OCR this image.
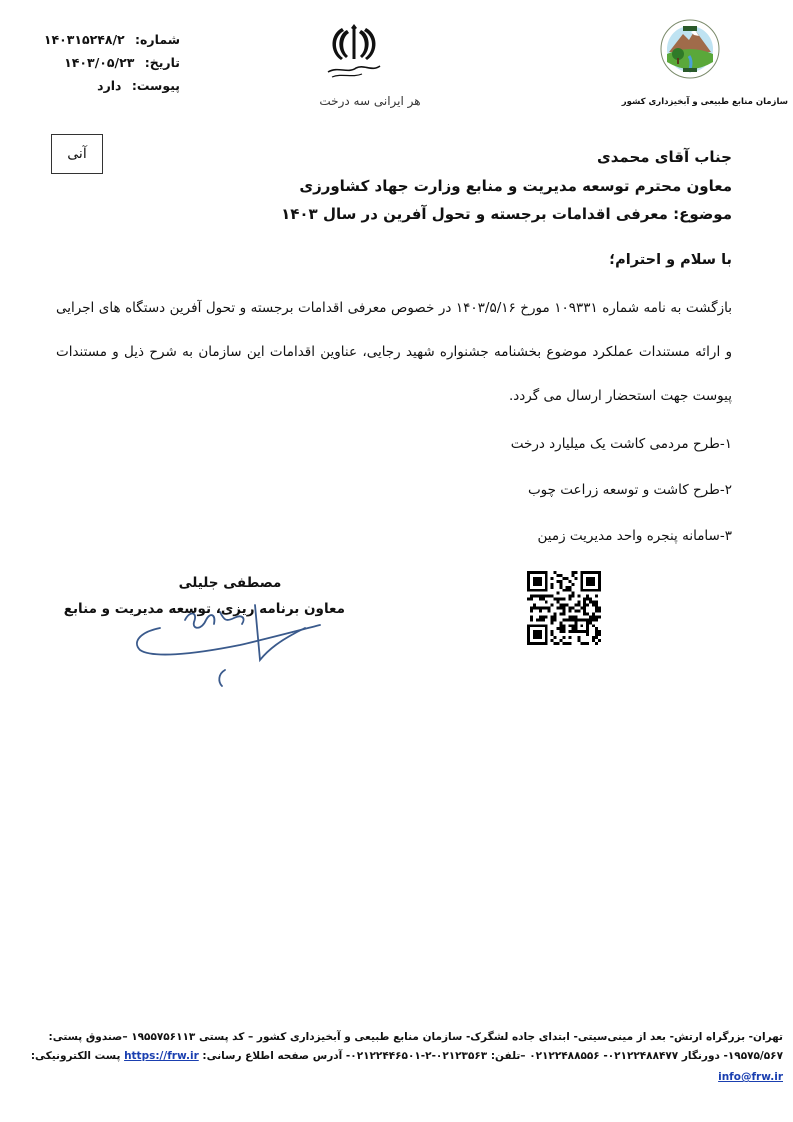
شماره: ۱۴۰۳۱۵۲۴۸/۲
تاریخ: ۱۴۰۳/۰۵/۲۳
پیوست: دارد
هر ایرانی سه درخت	سازمان منابع طبیعی و آبخیزداری کشور
آنی	جناب آقای محمدی
معاون محترم توسعه مدیریت و منابع وزارت جهاد کشاورزی
موضوع: معرفی اقدامات برجسته و تحول آفرین در سال ۱۴۰۳
با سلام و احترام؛
بازگشت به نامه شماره ۱۰۹۳۳۱ مورخ ۱۴۰۳/۵/۱۶ در خصوص معرفی اقدامات برجسته و تحول آفرین دستگاه های اجرایی و ارائه مستندات عملکرد موضوع بخشنامه جشنواره شهید رجایی، عناوین اقدامات این سازمان به شرح ذیل و مستندات پیوست جهت استحضار ارسال می گردد.
۱-طرح مردمی کاشت یک میلیارد درخت
۲-طرح کاشت و توسعه زراعت چوب
۳-سامانه پنجره واحد مدیریت زمین
مصطفی جلیلی
معاون برنامه ریزی، توسعه مدیریت و منابع
تهران- بزرگراه ارتش- بعد از مینی‌سیتی- ابتدای جاده لشگرک- سازمان منابع طبیعی و آبخیزداری کشور – کد پستی ۱۹۵۵۷۵۶۱۱۳ –صندوق پستی:
۱۹۵۷۵/۵۶۷- دورنگار ۰۲۱۲۲۴۸۸۴۷۷- ۰۲۱۲۲۴۸۸۵۵۶ –تلفن: ۰۲۱۲۳۵۶۳-۲-۰۲۱۲۲۴۴۶۵۰۱- آدرس صفحه اطلاع رسانی: https://frw.ir پست الکترونیکی:
info@frw.ir
